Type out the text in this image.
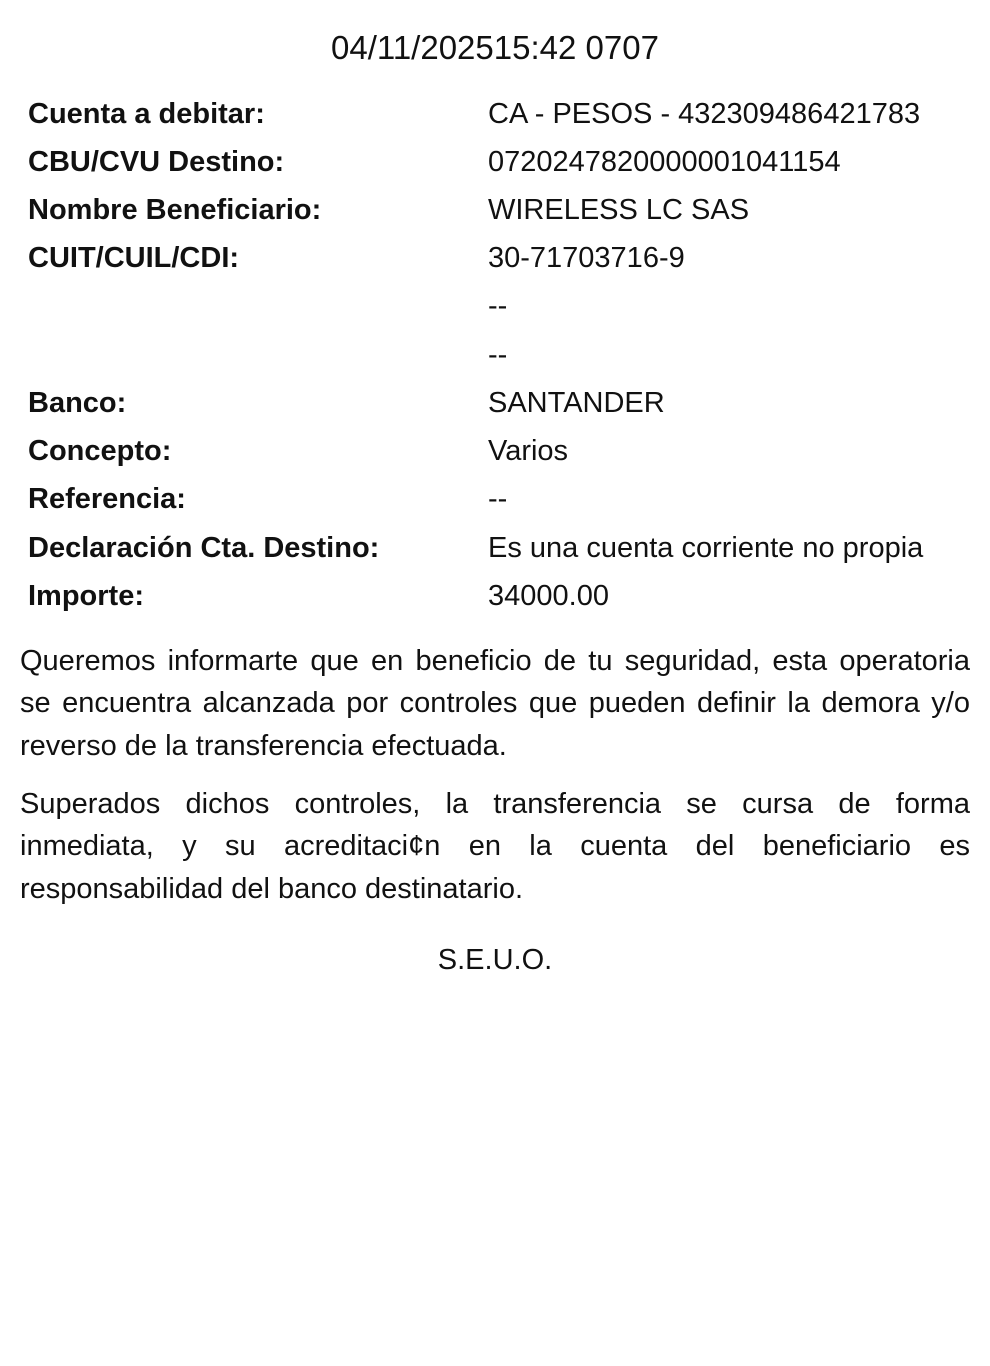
04/11/202515:42 0707
Cuenta a debitar:	CA - PESOS - 432309486421783
CBU/CVU Destino:	0720247820000001041154
Nombre Beneficiario:	WIRELESS LC SAS
CUIT/CUIL/CDI:	30-71703716-9
	--
	--
Banco:	SANTANDER
Concepto:	Varios
Referencia:	--
Declaración Cta. Destino:	Es una cuenta corriente no propia
Importe:	34000.00

Queremos informarte que en beneficio de tu seguridad, esta operatoria se encuentra alcanzada por controles que pueden definir la demora y/o reverso de la transferencia efectuada.

Superados dichos controles, la transferencia se cursa de forma inmediata, y su acreditaci¢n en la cuenta del beneficiario es responsabilidad del banco destinatario.

S.E.U.O.
